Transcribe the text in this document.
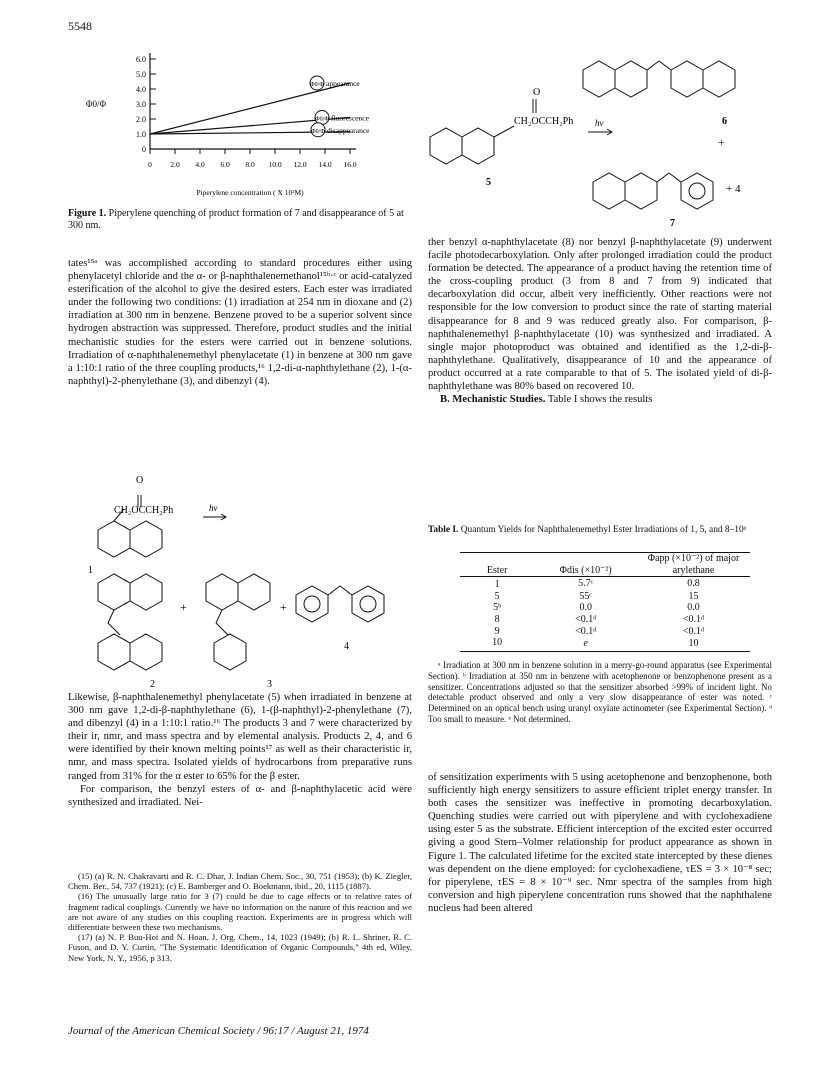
5548
6.0
5.0
4.0
3.0
2.0
1.0
0
0 2.0 4.0 6.0 8.0 10.0 12.0 14.0 16.0
Piperylene concentration ( X 10²M)
Φ0/Φ
Φ0/Φ appearance
Φ0/Φ fluorescence
Φ0/Φ disappearance
Figure 1. Piperylene quenching of product formation of 7 and disappearance of 5 at 300 nm.

tates¹⁵ᵃ was accomplished according to standard procedures either using phenylacetyl chloride and the α- or β-naphthalenemethanol¹⁵ᵇ·ᶜ or acid-catalyzed esterification of the alcohol to give the desired esters. Each ester was irradiated under the following two conditions: (1) irradiation at 254 nm in dioxane and (2) irradiation at 300 nm in benzene. Benzene proved to be a superior solvent since hydrogen abstraction was suppressed. Therefore, product studies and the initial mechanistic studies for the esters were carried out in benzene solutions. Irradiation of α-naphthalenemethyl phenylacetate (1) in benzene at 300 nm gave a 1:10:1 ratio of the three coupling products,¹⁶ 1,2-di-α-naphthylethane (2), 1-(α-naphthyl)-2-phenylethane (3), and dibenzyl (4).

O
CH₂OCCH₂Ph	hν
1
+	+
4
2	3

Likewise, β-naphthalenemethyl phenylacetate (5) when irradiated in benzene at 300 nm gave 1,2-di-β-naphthylethane (6), 1-(β-naphthyl)-2-phenylethane (7), and dibenzyl (4) in a 1:10:1 ratio.¹⁶ The products 3 and 7 were characterized by their ir, nmr, and mass spectra and by elemental analysis. Products 2, 4, and 6 were identified by their known melting points¹⁷ as well as their characteristic ir, nmr, and mass spectra. Isolated yields of hydrocarbons from preparative runs ranged from 31% for the α ester to 65% for the β ester.

For comparison, the benzyl esters of α- and β-naphthylacetic acid were synthesized and irradiated. Nei-

(15) (a) R. N. Chakravarti and R. C. Dhar, J. Indian Chem. Soc., 30, 751 (1953); (b) K. Ziegler, Chem. Ber., 54, 737 (1921); (c) E. Bamberger and O. Boekmann, ibid., 20, 1115 (1887).

(16) The unusually large ratio for 3 (7) could be due to cage effects or to relative rates of fragment radical couplings. Currently we have no information on the nature of this reaction and we are not aware of any studies on this coupling reaction. Experiments are in progress which will differentiate between these two mechanisms.

(17) (a) N. P. Buu-Hoi and N. Hoan, J. Org. Chem., 14, 1023 (1949); (b) R. L. Shriner, R. C. Fuson, and D. Y. Curtin, "The Systematic Identification of Organic Compounds," 4th ed, Wiley, New York, N. Y., 1956, p 313.

O
CH₂OCCH₂Ph hν
5
6
+
+ 4
7

ther benzyl α-naphthylacetate (8) nor benzyl β-naphthylacetate (9) underwent facile photodecarboxylation. Only after prolonged irradiation could the product formation be detected. The appearance of a product having the retention time of the cross-coupling product (3 from 8 and 7 from 9) indicated that decarboxylation did occur, albeit very inefficiently. Other reactions were not responsible for the low conversion to product since the rate of starting material disappearance for 8 and 9 was reduced greatly also. For comparison, β-naphthalenemethyl β-naphthylacetate (10) was synthesized and irradiated. A single major photoproduct was obtained and identified as the 1,2-di-β-naphthylethane. Qualitatively, disappearance of 10 and the appearance of product occurred at a rate comparable to that of 5. The isolated yield of di-β-naphthylethane was 80% based on recovered 10.

B. Mechanistic Studies. Table I shows the results

Table I. Quantum Yields for Naphthalenemethyl Ester Irradiations of 1, 5, and 8–10ᵃ
Ester	Φdis (×10⁻²)	Φapp (×10⁻²) of major arylethane
1	5.7ᶜ	0.8
5	55ᶜ	15
5ᵇ	0.0	0.0
8	<0.1ᵈ	<0.1ᵈ
9	<0.1ᵈ	<0.1ᵈ
10	e	10

ᵃ Irradiation at 300 nm in benzene solution in a merry-go-round apparatus (see Experimental Section). ᵇ Irradiation at 350 nm in benzene with acetophenone or benzophenone present as a sensitizer. Concentrations adjusted so that the sensitizer absorbed >99% of incident light. No detectable product observed and only a very slow disappearance of ester was noted. ᶜ Determined on an optical bench using uranyl oxylate actinometer (see Experimental Section). ᵈ Too small to measure. ᵉ Not determined.

of sensitization experiments with 5 using acetophenone and benzophenone, both sufficiently high energy sensitizers to assure efficient triplet energy transfer. In both cases the sensitizer was ineffective in promoting decarboxylation. Quenching studies were carried out with piperylene and with cyclohexadiene using ester 5 as the substrate. Efficient interception of the excited ester occurred giving a good Stern–Volmer relationship for product appearance as shown in Figure 1. The calculated lifetime for the excited state intercepted by these dienes was dependent on the diene employed: for cyclohexadiene, τES = 3 × 10⁻⁸ sec; for piperylene, τES = 8 × 10⁻⁹ sec. Nmr spectra of the samples from high conversion and high piperylene concentration runs showed that the naphthalene nucleus had been altered

Journal of the American Chemical Society / 96:17 / August 21, 1974
